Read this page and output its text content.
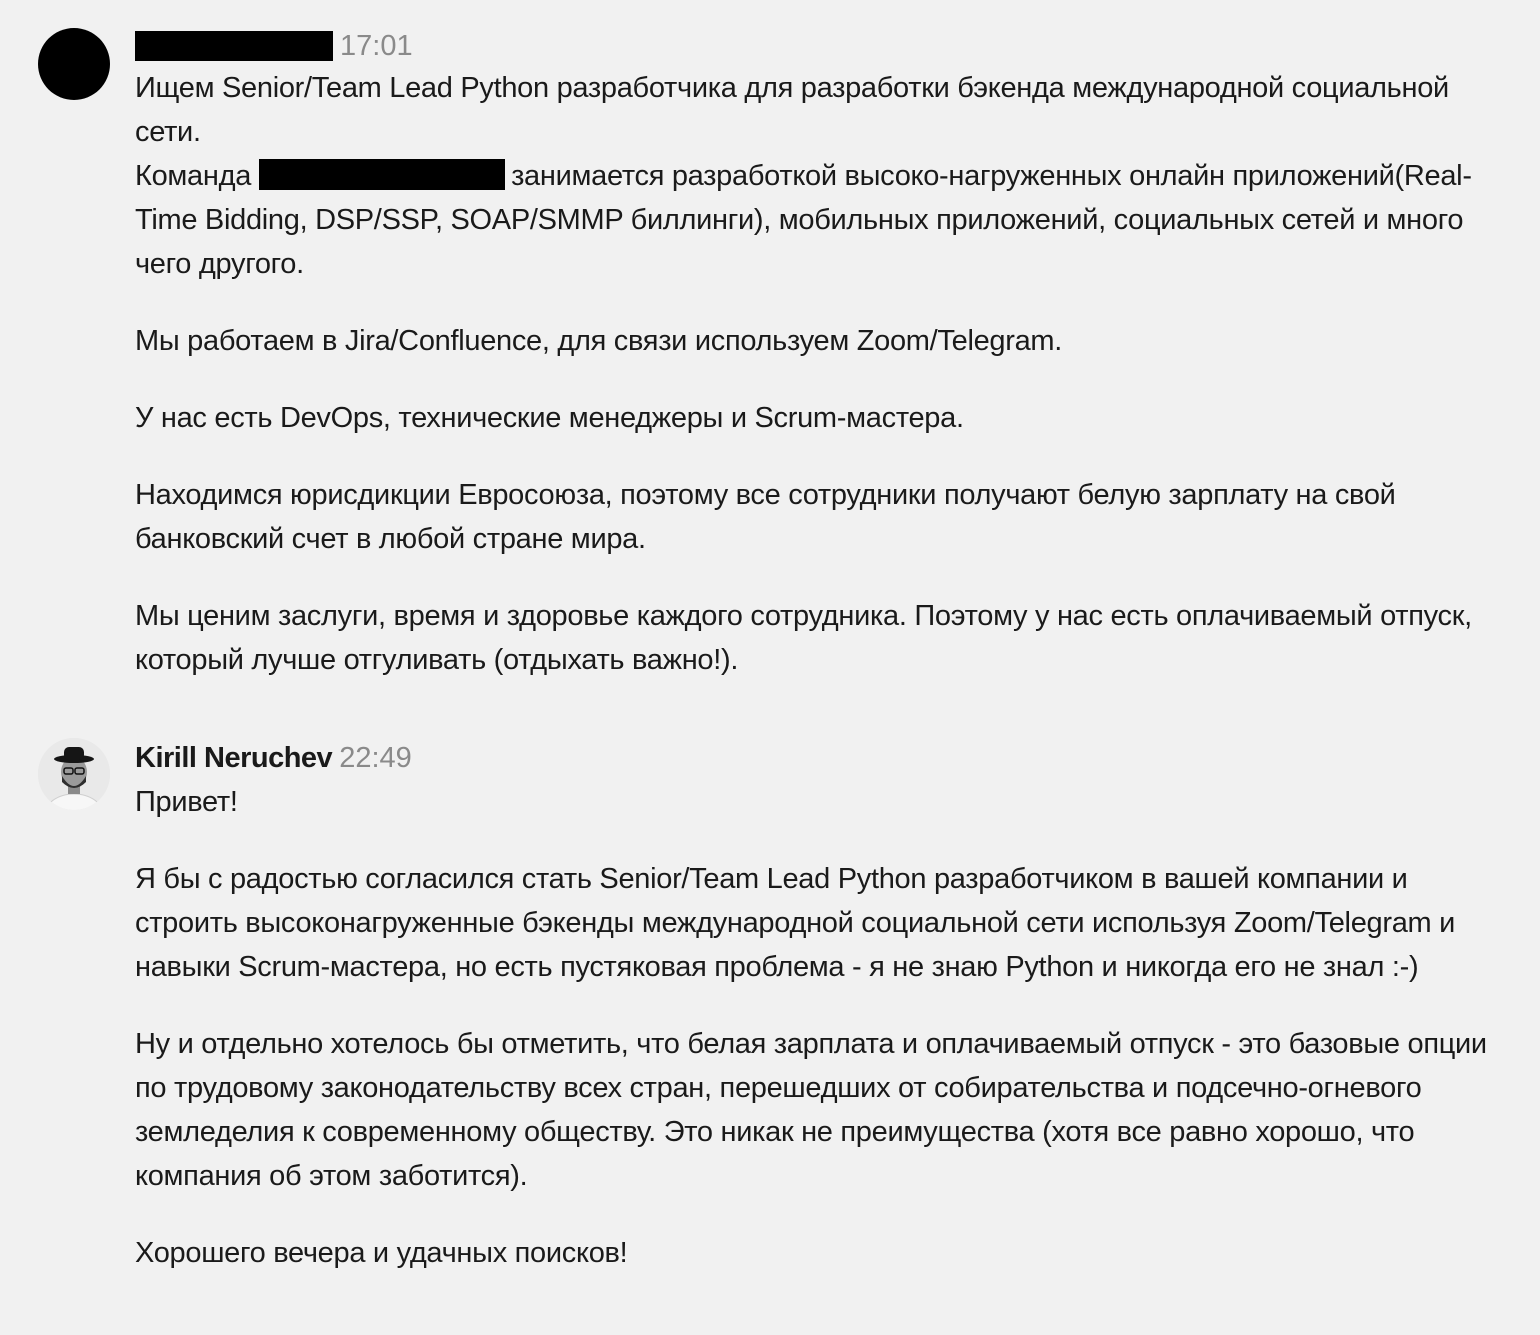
17:01

Ищем Senior/Team Lead Python разработчика для разработки бэкенда международной социальной сети.

Команда	занимается разработкой высоко-нагруженных онлайн приложений(Real-Time Bidding, DSP/SSP, SOAP/SMMP биллинги), мобильных приложений, социальных сетей и много чего другого.

Мы работаем в Jira/Confluence, для связи используем Zoom/Telegram.

У нас есть DevOps, технические менеджеры и Scrum-мастера.

Находимся юрисдикции Евросоюза, поэтому все сотрудники получают белую зарплату на свой банковский счет в любой стране мира.

Мы ценим заслуги, время и здоровье каждого сотрудника. Поэтому у нас есть оплачиваемый отпуск, который лучше отгуливать (отдыхать важно!).

Kirill Neruchev 22:49

Привет!

Я бы с радостью согласился стать Senior/Team Lead Python разработчиком в вашей компании и строить высоконагруженные бэкенды международной социальной сети используя Zoom/Telegram и навыки Scrum-мастера, но есть пустяковая проблема - я не знаю Python и никогда его не знал :-)

Ну и отдельно хотелось бы отметить, что белая зарплата и оплачиваемый отпуск - это базовые опции по трудовому законодательству всех стран, перешедших от собирательства и подсечно-огневого земледелия к современному обществу. Это никак не преимущества (хотя все равно хорошо, что компания об этом заботится).

Хорошего вечера и удачных поисков!
